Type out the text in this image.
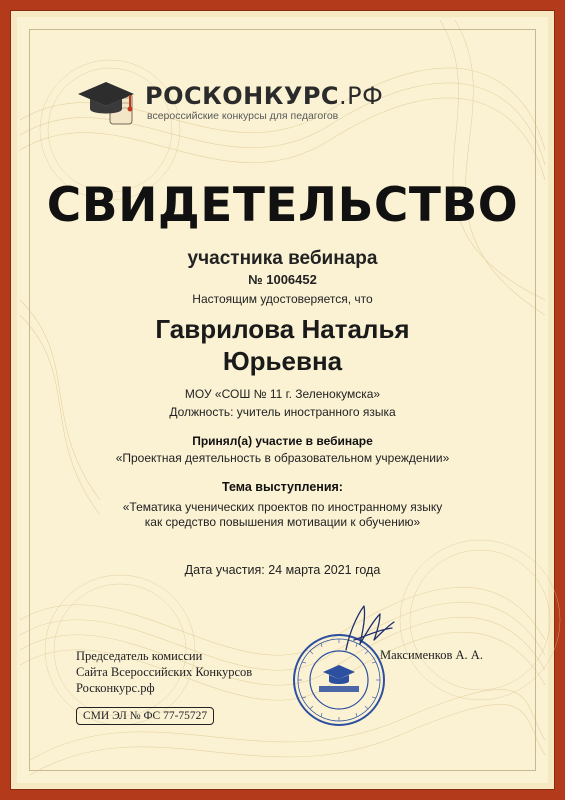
РОСКОНКУРС.РФ
всероссийские конкурсы для педагогов
СВИДЕТЕЛЬСТВО
участника вебинара
№ 1006452
Настоящим удостоверяется, что
Гаврилова Наталья
Юрьевна
МОУ «СОШ № 11 г. Зеленокумска»
Должность: учитель иностранного языка
Принял(а) участие в вебинаре
«Проектная деятельность в образовательном учреждении»
Тема выступления:
«Тематика ученических проектов по иностранному языку
как средство повышения мотивации к обучению»
Дата участия: 24 марта 2021 года
Председатель комиссии
Сайта Всероссийских Конкурсов
Росконкурс.рф
Максименков А. А.
СМИ ЭЛ № ФС 77-75727
